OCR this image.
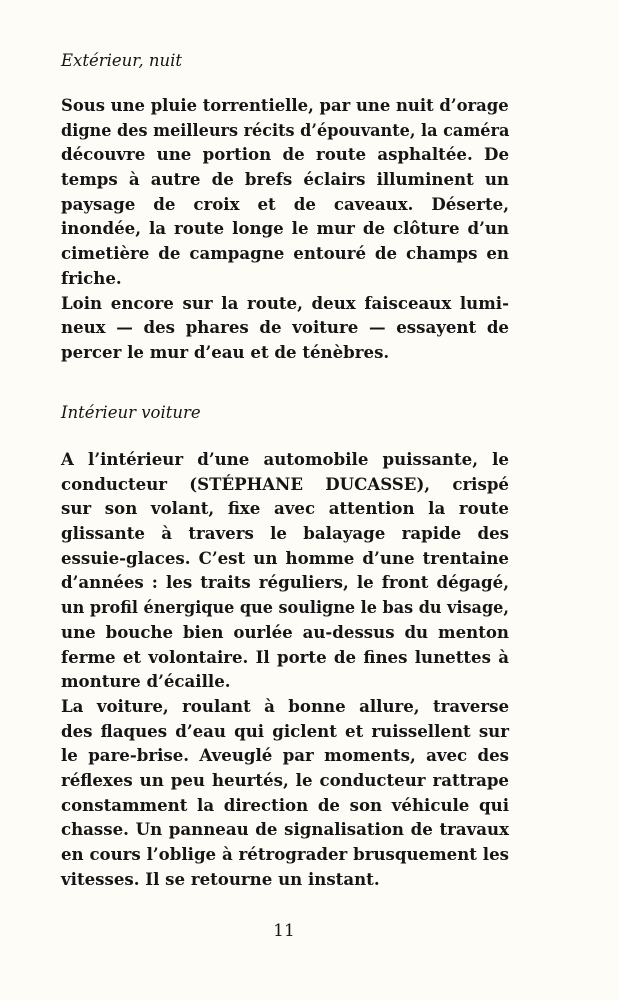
Extérieur, nuit

Sous une pluie torrentielle, par une nuit d’orage
digne des meilleurs récits d’épouvante, la caméra
découvre une portion de route asphaltée. De
temps à autre de brefs éclairs illuminent un
paysage de croix et de caveaux. Déserte,
inondée, la route longe le mur de clôture d’un
cimetière de campagne entouré de champs en
friche.
Loin encore sur la route, deux faisceaux lumi-
neux — des phares de voiture — essayent de
percer le mur d’eau et de ténèbres.

Intérieur voiture

A l’intérieur d’une automobile puissante, le
conducteur (STÉPHANE DUCASSE), crispé
sur son volant, fixe avec attention la route
glissante à travers le balayage rapide des
essuie-glaces. C’est un homme d’une trentaine
d’années : les traits réguliers, le front dégagé,
un profil énergique que souligne le bas du visage,
une bouche bien ourlée au-dessus du menton
ferme et volontaire. Il porte de fines lunettes à
monture d’écaille.
La voiture, roulant à bonne allure, traverse
des flaques d’eau qui giclent et ruissellent sur
le pare-brise. Aveuglé par moments, avec des
réflexes un peu heurtés, le conducteur rattrape
constamment la direction de son véhicule qui
chasse. Un panneau de signalisation de travaux
en cours l’oblige à rétrograder brusquement les
vitesses. Il se retourne un instant.
11
